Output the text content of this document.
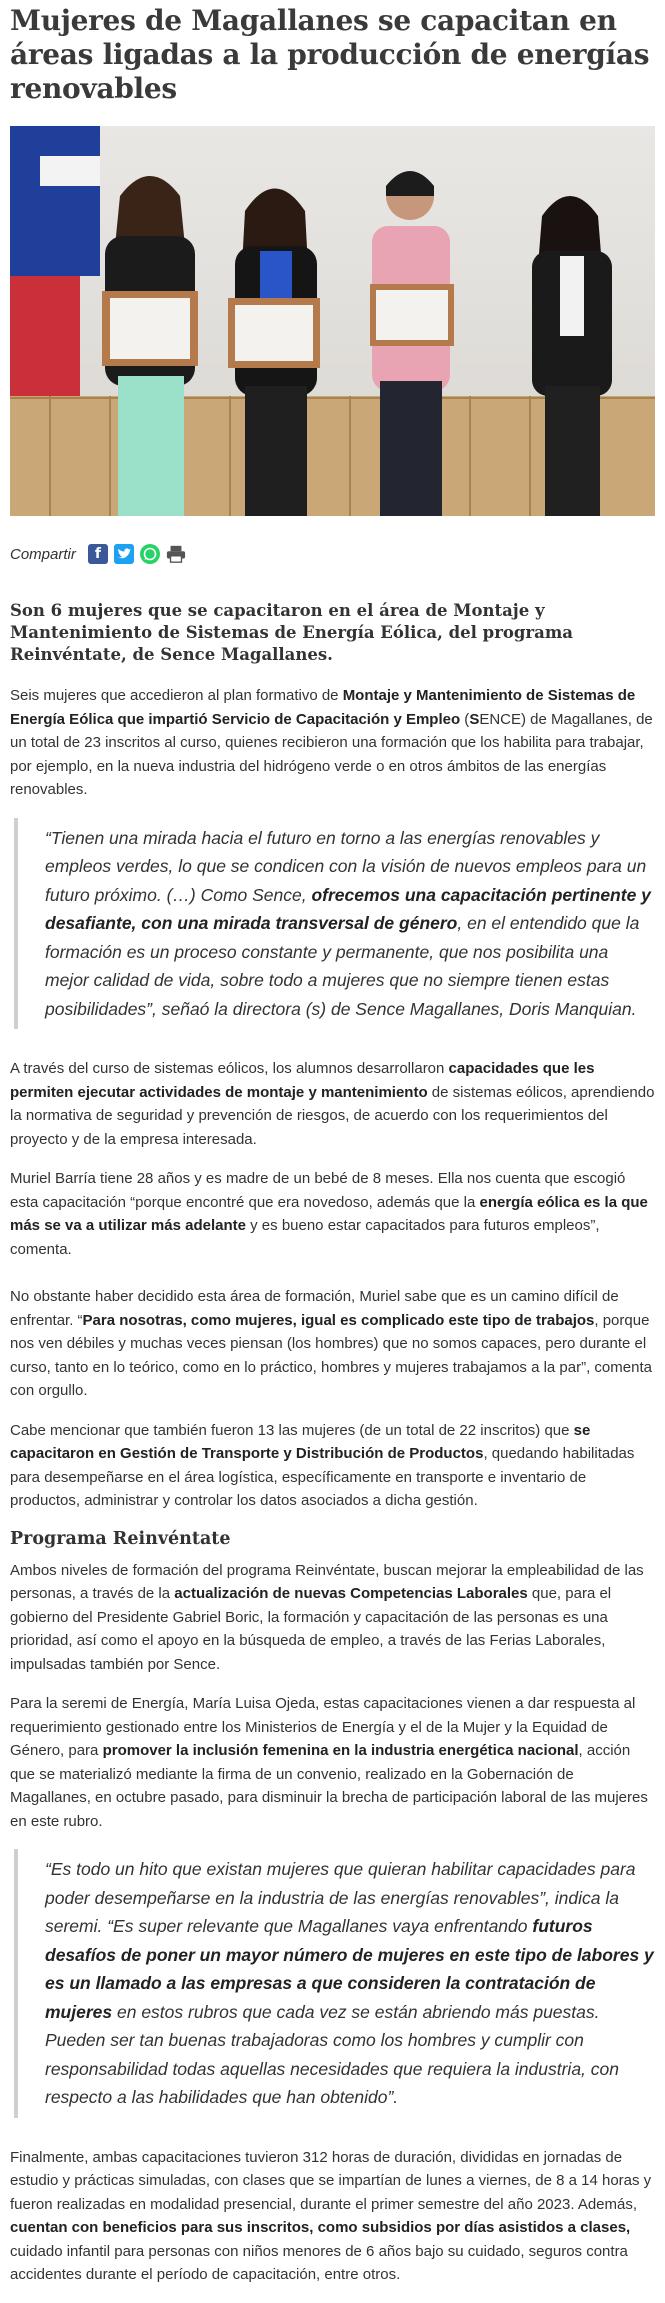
Mujeres de Magallanes se capacitan en áreas ligadas a la producción de energías renovables
Compartir	f
Son 6 mujeres que se capacitaron en el área de Montaje y Mantenimiento de Sistemas de Energía Eólica, del programa Reinvéntate, de Sence Magallanes.

Seis mujeres que accedieron al plan formativo de Montaje y Mantenimiento de Sistemas de Energía Eólica que impartió Servicio de Capacitación y Empleo (SENCE) de Magallanes, de un total de 23 inscritos al curso, quienes recibieron una formación que los habilita para trabajar, por ejemplo, en la nueva industria del hidrógeno verde o en otros ámbitos de las energías renovables.

“Tienen una mirada hacia el futuro en torno a las energías renovables y empleos verdes, lo que se condicen con la visión de nuevos empleos para un futuro próximo. (…) Como Sence, ofrecemos una capacitación pertinente y desafiante, con una mirada transversal de género, en el entendido que la formación es un proceso constante y permanente, que nos posibilita una mejor calidad de vida, sobre todo a mujeres que no siempre tienen estas posibilidades”, señaó la directora (s) de Sence Magallanes, Doris Manquian.

A través del curso de sistemas eólicos, los alumnos desarrollaron capacidades que les permiten ejecutar actividades de montaje y mantenimiento de sistemas eólicos, aprendiendo la normativa de seguridad y prevención de riesgos, de acuerdo con los requerimientos del proyecto y de la empresa interesada.

Muriel Barría tiene 28 años y es madre de un bebé de 8 meses. Ella nos cuenta que escogió esta capacitación “porque encontré que era novedoso, además que la energía eólica es la que más se va a utilizar más adelante y es bueno estar capacitados para futuros empleos”, comenta.

No obstante haber decidido esta área de formación, Muriel sabe que es un camino difícil de enfrentar. “Para nosotras, como mujeres, igual es complicado este tipo de trabajos, porque nos ven débiles y muchas veces piensan (los hombres) que no somos capaces, pero durante el curso, tanto en lo teórico, como en lo práctico, hombres y mujeres trabajamos a la par”, comenta con orgullo.

Cabe mencionar que también fueron 13 las mujeres (de un total de 22 inscritos) que se capacitaron en Gestión de Transporte y Distribución de Productos, quedando habilitadas para desempeñarse en el área logística, específicamente en transporte e inventario de productos, administrar y controlar los datos asociados a dicha gestión.

Programa Reinvéntate

Ambos niveles de formación del programa Reinvéntate, buscan mejorar la empleabilidad de las personas, a través de la actualización de nuevas Competencias Laborales que, para el gobierno del Presidente Gabriel Boric, la formación y capacitación de las personas es una prioridad, así como el apoyo en la búsqueda de empleo, a través de las Ferias Laborales, impulsadas también por Sence.

Para la seremi de Energía, María Luisa Ojeda, estas capacitaciones vienen a dar respuesta al requerimiento gestionado entre los Ministerios de Energía y el de la Mujer y la Equidad de Género, para promover la inclusión femenina en la industria energética nacional, acción que se materializó mediante la firma de un convenio, realizado en la Gobernación de Magallanes, en octubre pasado, para disminuir la brecha de participación laboral de las mujeres en este rubro.

“Es todo un hito que existan mujeres que quieran habilitar capacidades para poder desempeñarse en la industria de las energías renovables”, indica la seremi. “Es super relevante que Magallanes vaya enfrentando futuros desafíos de poner un mayor número de mujeres en este tipo de labores y es un llamado a las empresas a que consideren la contratación de mujeres en estos rubros que cada vez se están abriendo más puestas. Pueden ser tan buenas trabajadoras como los hombres y cumplir con responsabilidad todas aquellas necesidades que requiera la industria, con respecto a las habilidades que han obtenido”.

Finalmente, ambas capacitaciones tuvieron 312 horas de duración, divididas en jornadas de estudio y prácticas simuladas, con clases que se impartían de lunes a viernes, de 8 a 14 horas y fueron realizadas en modalidad presencial, durante el primer semestre del año 2023. Además, cuentan con beneficios para sus inscritos, como subsidios por días asistidos a clases, cuidado infantil para personas con niños menores de 6 años bajo su cuidado, seguros contra accidentes durante el período de capacitación, entre otros.
